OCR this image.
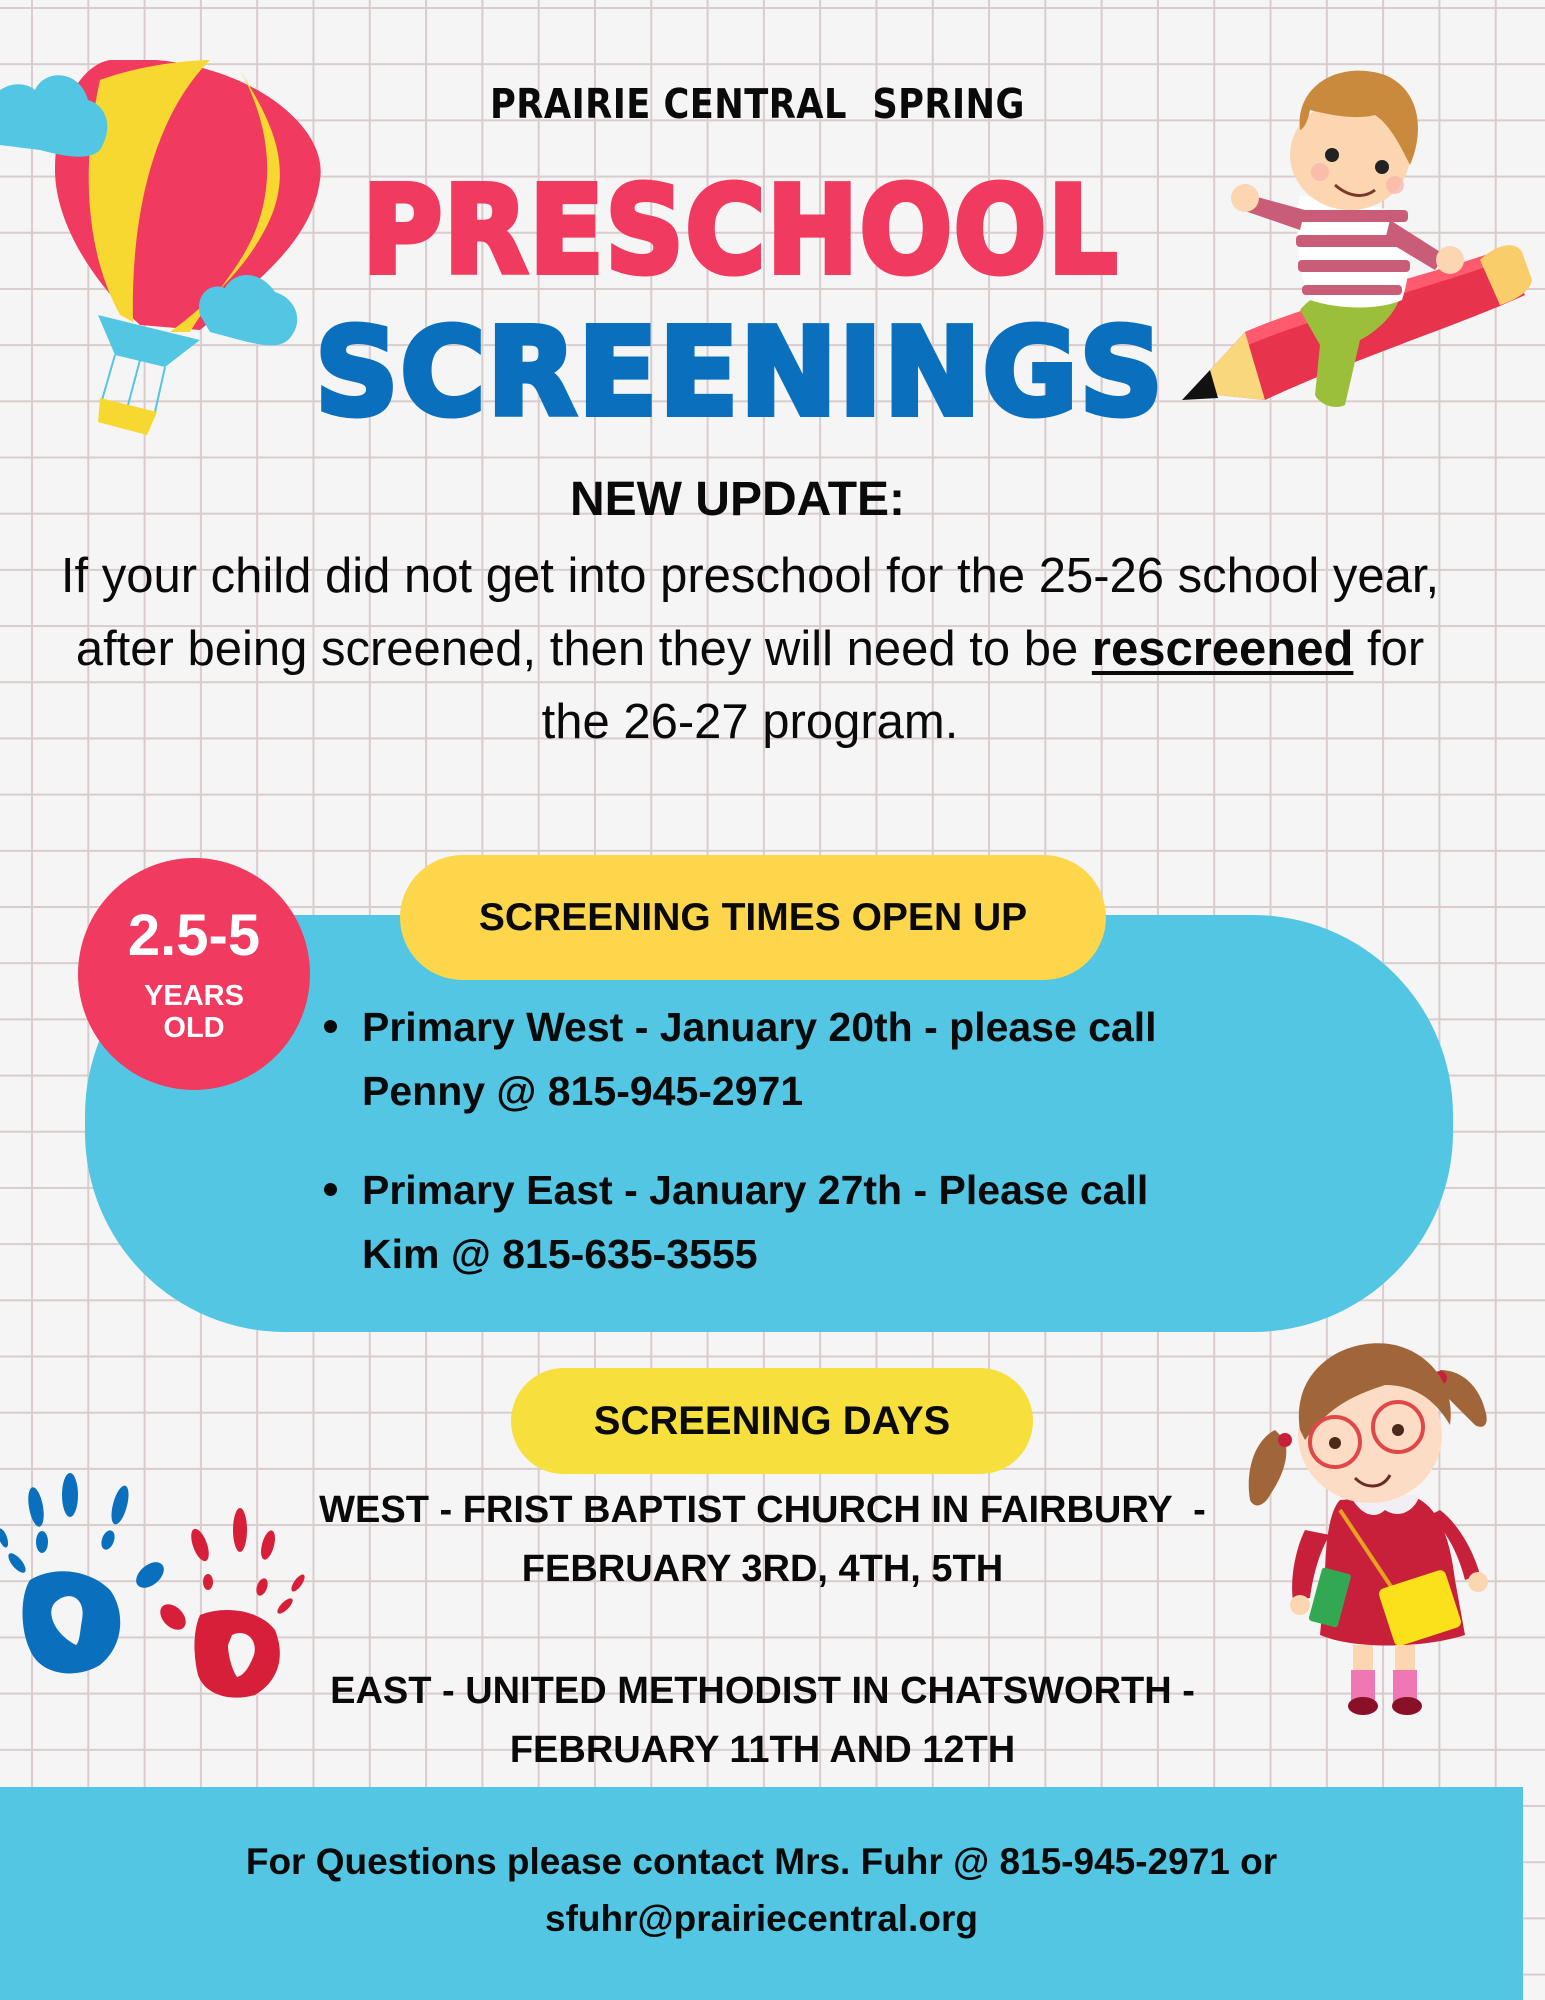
PRAIRIE CENTRAL  SPRING
PRESCHOOL
SCREENINGS
NEW UPDATE:
If your child did not get into preschool for the 25-26 school year, after being screened, then they will need to be rescreened for the 26-27 program.
2.5-5
YEARS
OLD
SCREENING TIMES OPEN UP
Primary West - January 20th - please call
Penny @ 815-945-2971
Primary East - January 27th - Please call
Kim @ 815-635-3555
SCREENING DAYS
WEST - FRIST BAPTIST CHURCH IN FAIRBURY  -
FEBRUARY 3RD, 4TH, 5TH
EAST - UNITED METHODIST IN CHATSWORTH -
FEBRUARY 11TH AND 12TH
For Questions please contact Mrs. Fuhr @ 815-945-2971 or
sfuhr@prairiecentral.org
